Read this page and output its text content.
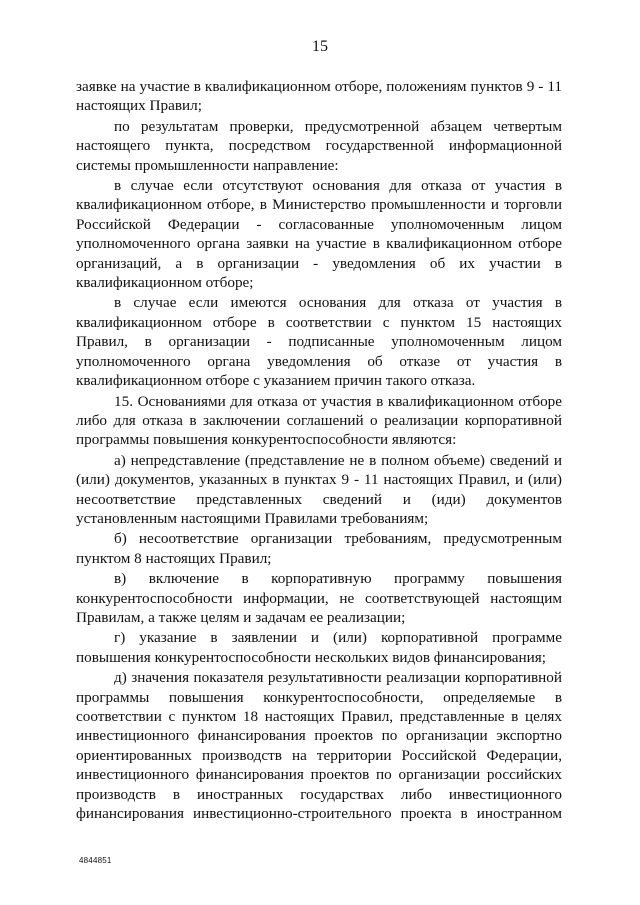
15

заявке на участие в квалификационном отборе, положениям пунктов 9 - 11 настоящих Правил;

по результатам проверки, предусмотренной абзацем четвертым настоящего пункта, посредством государственной информационной системы промышленности направление:

в случае если отсутствуют основания для отказа от участия в квалификационном отборе, в Министерство промышленности и торговли Российской Федерации - согласованные уполномоченным лицом уполномоченного органа заявки на участие в квалификационном отборе организаций, а в организации - уведомления об их участии в квалификационном отборе;

в случае если имеются основания для отказа от участия в квалификационном отборе в соответствии с пунктом 15 настоящих Правил, в организации - подписанные уполномоченным лицом уполномоченного органа уведомления об отказе от участия в квалификационном отборе с указанием причин такого отказа.

15. Основаниями для отказа от участия в квалификационном отборе либо для отказа в заключении соглашений о реализации корпоративной программы повышения конкурентоспособности являются:

а) непредставление (представление не в полном объеме) сведений и (или) документов, указанных в пунктах 9 - 11 настоящих Правил, и (или) несоответствие представленных сведений и (иди) документов установленным настоящими Правилами требованиям;

б) несоответствие организации требованиям, предусмотренным пунктом 8 настоящих Правил;

в) включение в корпоративную программу повышения конкурентоспособности информации, не соответствующей настоящим Правилам, а также целям и задачам ее реализации;

г) указание в заявлении и (или) корпоративной программе повышения конкурентоспособности нескольких видов финансирования;

д) значения показателя результативности реализации корпоративной программы повышения конкурентоспособности, определяемые в соответствии с пунктом 18 настоящих Правил, представленные в целях инвестиционного финансирования проектов по организации экспортно ориентированных производств на территории Российской Федерации, инвестиционного финансирования проектов по организации российских производств в иностранных государствах либо инвестиционного финансирования инвестиционно-строительного проекта в иностранном

4844851
